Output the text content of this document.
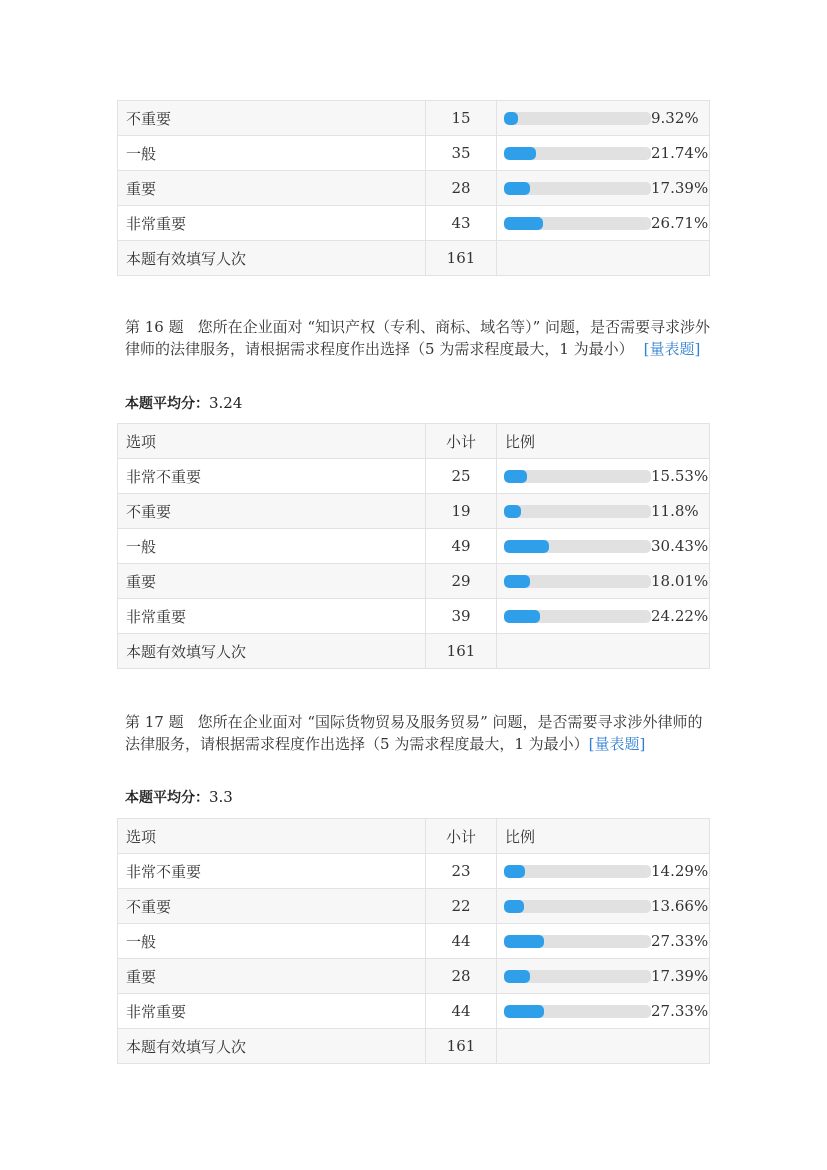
不重要	15	9.32%

一般	35	21.74%

重要	28	17.39%

非常重要	43	26.71%

本题有效填写人次	161	
第 16 题 您所在企业面对 “知识产权（专利、商标、域名等）” 问题，是否需要寻求涉外律师的法律服务，请根据需求程度作出选择（5 为需求程度最大，1 为最小） [量表题]
本题平均分：3.24
选项	小计	比例
非常不重要	25	15.53%

不重要	19	11.8%

一般	49	30.43%

重要	29	18.01%

非常重要	39	24.22%

本题有效填写人次	161	
第 17 题 您所在企业面对 “国际货物贸易及服务贸易” 问题，是否需要寻求涉外律师的法律服务，请根据需求程度作出选择（5 为需求程度最大，1 为最小）[量表题]
本题平均分：3.3
选项	小计	比例
非常不重要	23	14.29%

不重要	22	13.66%

一般	44	27.33%

重要	28	17.39%

非常重要	44	27.33%

本题有效填写人次	161	
